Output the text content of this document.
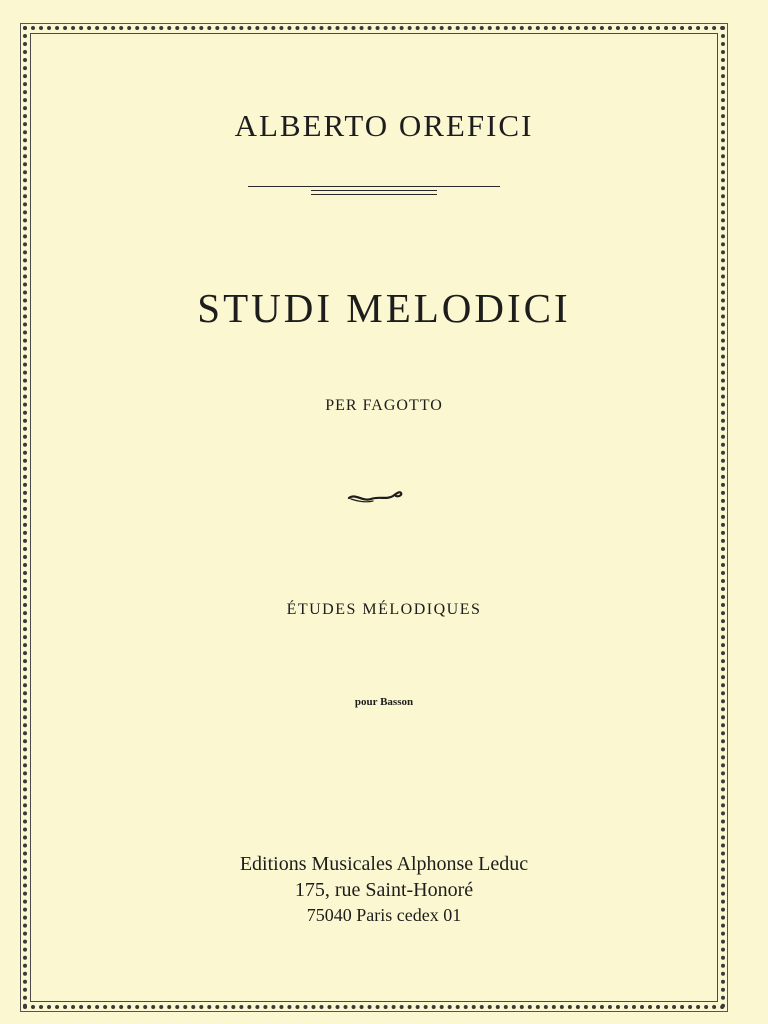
ALBERTO OREFICI
STUDI MELODICI
PER FAGOTTO
ÉTUDES MÉLODIQUES
pour Basson
Editions Musicales Alphonse Leduc
175, rue Saint-Honoré
75040 Paris cedex 01
